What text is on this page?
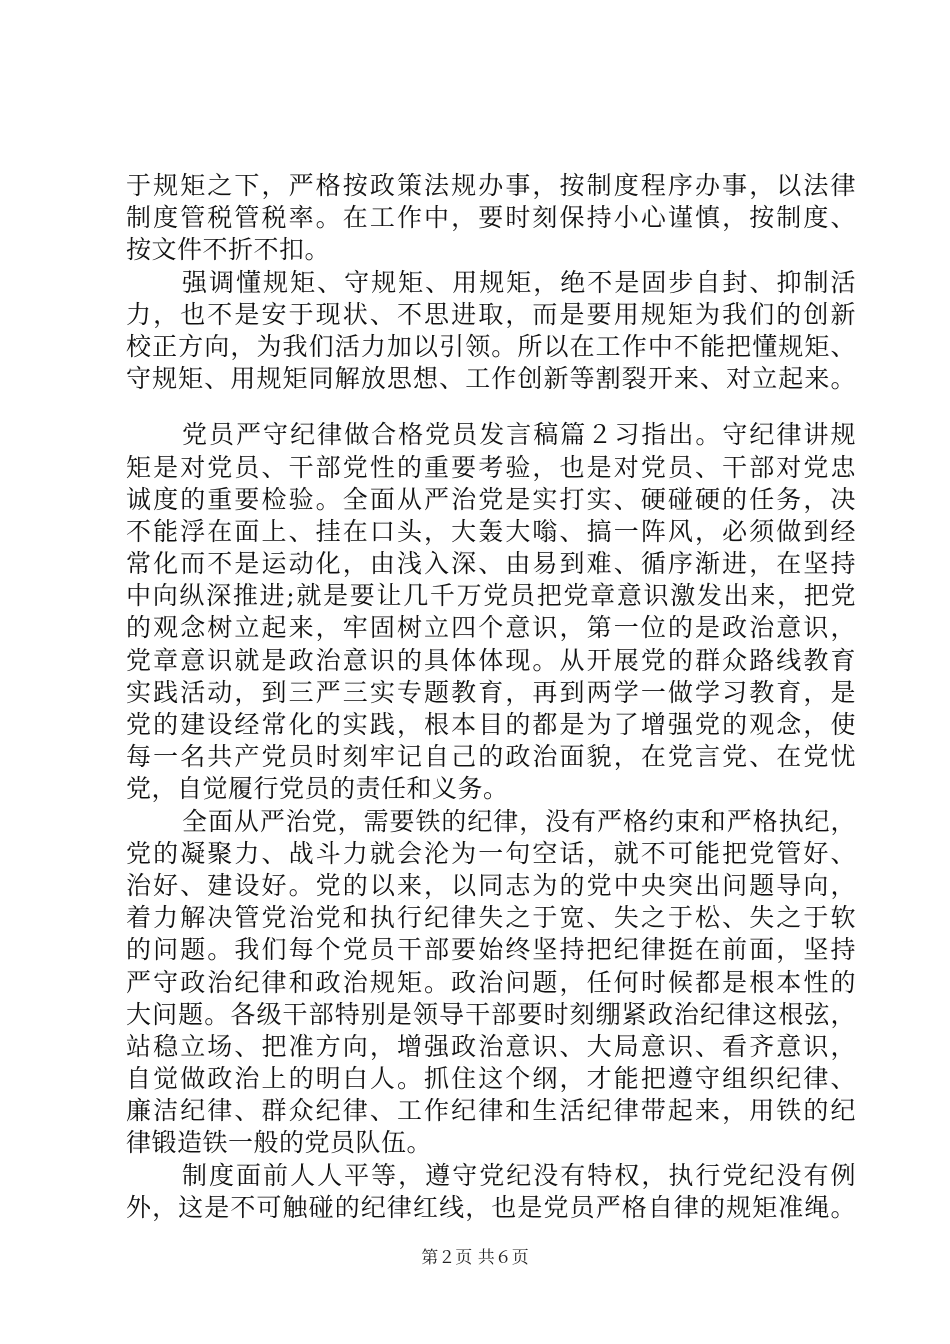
于规矩之下，严格按政策法规办事，按制度程序办事，以法律
制度管税管税率。在工作中，要时刻保持小心谨慎，按制度、
按文件不折不扣。
强调懂规矩、守规矩、用规矩，绝不是固步自封、抑制活
力，也不是安于现状、不思进取，而是要用规矩为我们的创新
校正方向，为我们活力加以引领。所以在工作中不能把懂规矩、
守规矩、用规矩同解放思想、工作创新等割裂开来、对立起来。
党员严守纪律做合格党员发言稿篇２习指出。守纪律讲规
矩是对党员、干部党性的重要考验，也是对党员、干部对党忠
诚度的重要检验。全面从严治党是实打实、硬碰硬的任务，决
不能浮在面上、挂在口头，大轰大嗡、搞一阵风，必须做到经
常化而不是运动化，由浅入深、由易到难、循序渐进，在坚持
中向纵深推进;就是要让几千万党员把党章意识激发出来，把党
的观念树立起来，牢固树立四个意识，第一位的是政治意识，
党章意识就是政治意识的具体体现。从开展党的群众路线教育
实践活动，到三严三实专题教育，再到两学一做学习教育，是
党的建设经常化的实践，根本目的都是为了增强党的观念，使
每一名共产党员时刻牢记自己的政治面貌，在党言党、在党忧
党，自觉履行党员的责任和义务。
全面从严治党，需要铁的纪律，没有严格约束和严格执纪，
党的凝聚力、战斗力就会沦为一句空话，就不可能把党管好、
治好、建设好。党的以来，以同志为的党中央突出问题导向，
着力解决管党治党和执行纪律失之于宽、失之于松、失之于软
的问题。我们每个党员干部要始终坚持把纪律挺在前面，坚持
严守政治纪律和政治规矩。政治问题，任何时候都是根本性的
大问题。各级干部特别是领导干部要时刻绷紧政治纪律这根弦，
站稳立场、把准方向，增强政治意识、大局意识、看齐意识，
自觉做政治上的明白人。抓住这个纲，才能把遵守组织纪律、
廉洁纪律、群众纪律、工作纪律和生活纪律带起来，用铁的纪
律锻造铁一般的党员队伍。
制度面前人人平等，遵守党纪没有特权，执行党纪没有例
外，这是不可触碰的纪律红线，也是党员严格自律的规矩准绳。
第２页 共６页
